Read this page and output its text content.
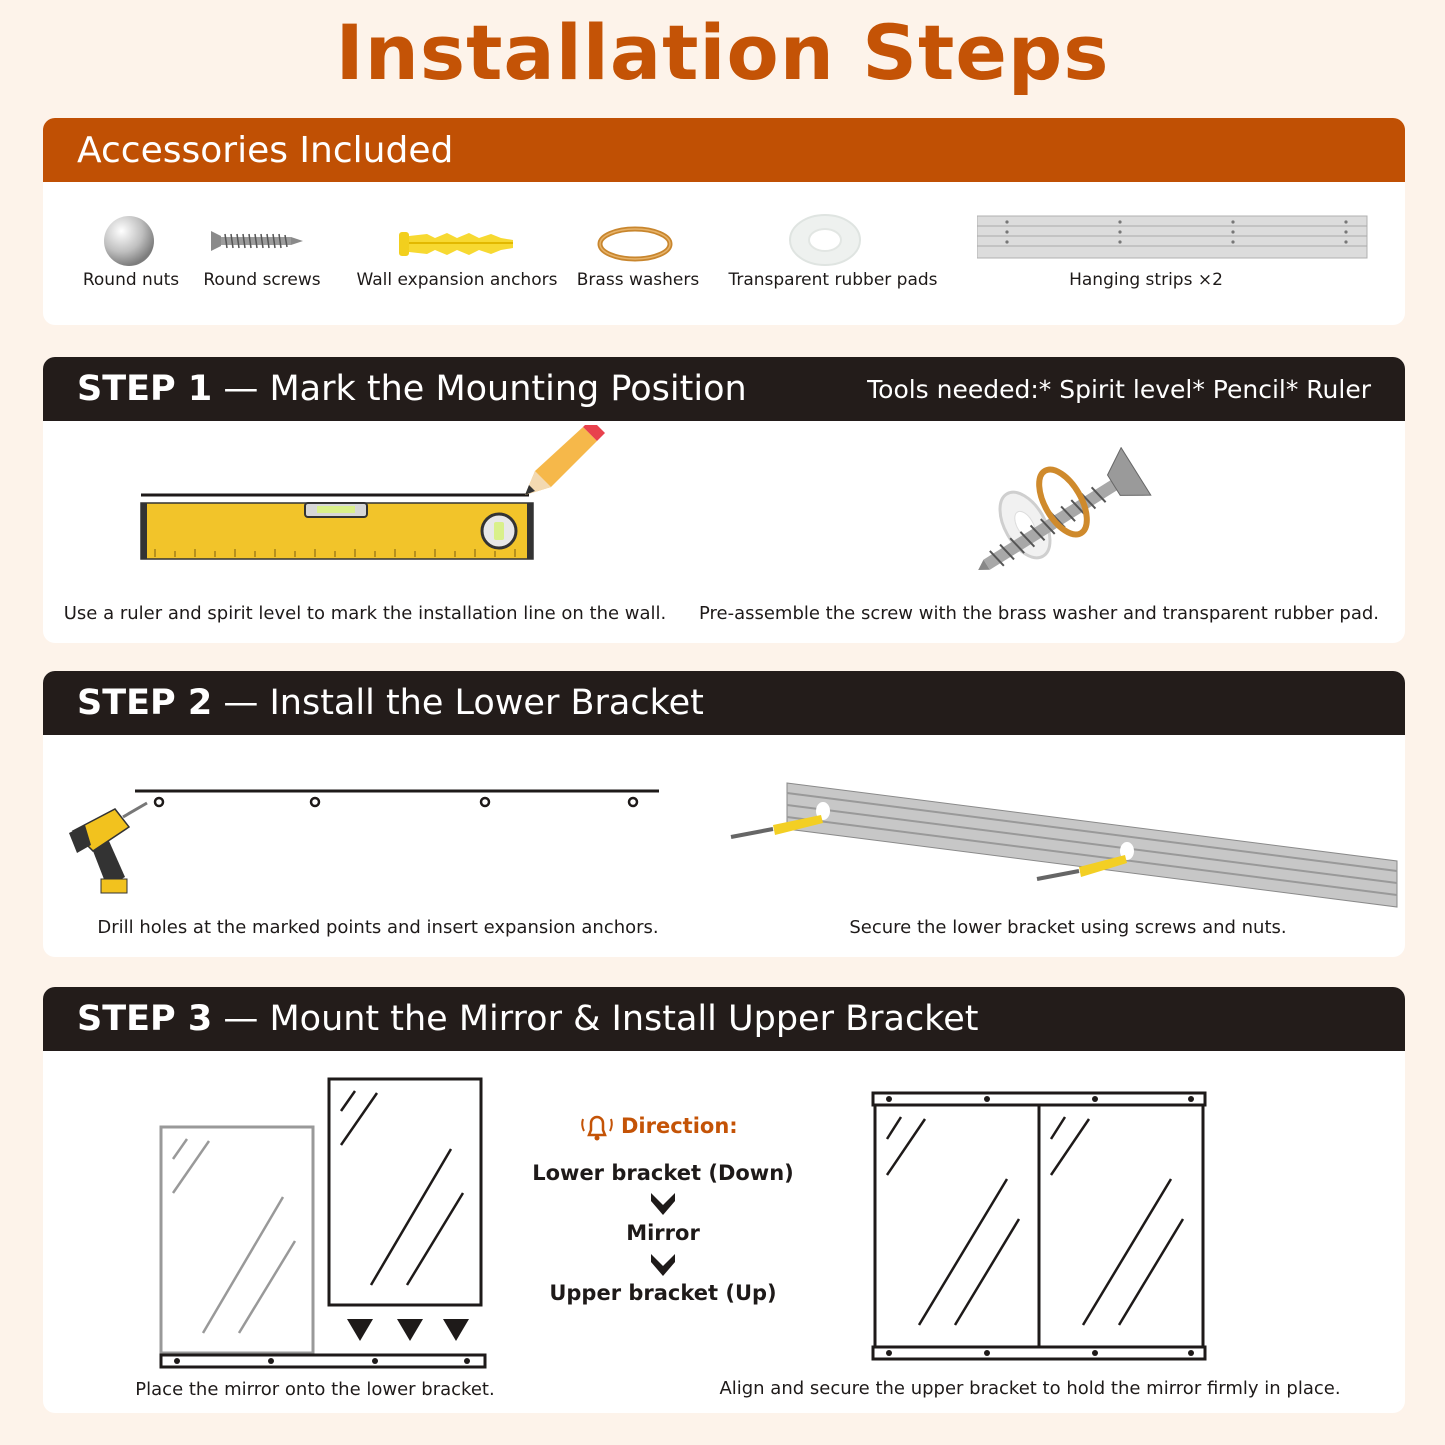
Installation Steps
Accessories Included
Round nuts	Round screws	Wall expansion anchors	Brass washers	Transparent rubber pads	Hanging strips ×2
STEP 1 — Mark the Mounting Position	Tools needed:* Spirit level* Pencil* Ruler
Use a ruler and spirit level to mark the installation line on the wall.	Pre-assemble the screw with the brass washer and transparent rubber pad.
STEP 2 — Install the Lower Bracket
Drill holes at the marked points and insert expansion anchors.	Secure the lower bracket using screws and nuts.
STEP 3 — Mount the Mirror & Install Upper Bracket
Direction:
Lower bracket (Down)
Mirror
Upper bracket (Up)
Place the mirror onto the lower bracket.	Align and secure the upper bracket to hold the mirror firmly in place.
